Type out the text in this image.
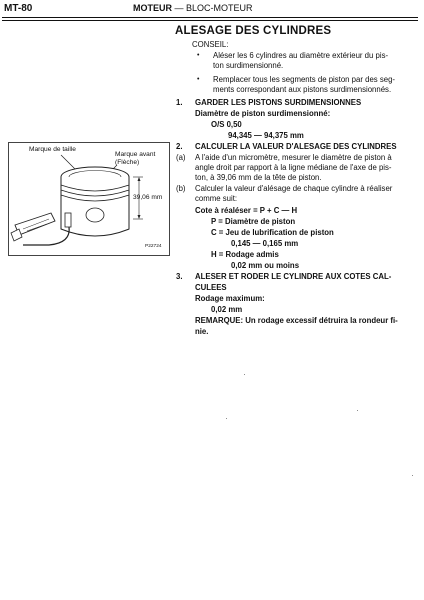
MT-80	MOTEUR — BLOC-MOTEUR
ALESAGE DES CYLINDRES
CONSEIL:
• Aléser les 6 cylindres au diamètre extérieur du pis-
ton surdimensionné.
• Remplacer tous les segments de piston par des seg-
ments correspondant aux pistons surdimensionnés.
1. GARDER LES PISTONS SURDIMENSIONNES
Diamètre de piston surdimensionné:
O/S 0,50
94,345 — 94,375 mm
2. CALCULER LA VALEUR D'ALESAGE DES CYLINDRES
(a) A l'aide d'un micromètre, mesurer le diamètre de piston à
angle droit par rapport à la ligne médiane de l'axe de pis-
ton, à 39,06 mm de la tête de piston.
(b) Calculer la valeur d'alésage de chaque cylindre à réaliser
comme suit:
Cote à réaléser = P + C — H
P = Diamètre de piston
C = Jeu de lubrification de piston
0,145 — 0,165 mm
H = Rodage admis
0,02 mm ou moins
3. ALESER ET RODER LE CYLINDRE AUX COTES CAL-
CULEES
Rodage maximum:
0,02 mm
REMARQUE: Un rodage excessif détruira la rondeur fi-
nie.
Marque de taille
Marque avant
(Flèche)
39,06 mm
P22724
